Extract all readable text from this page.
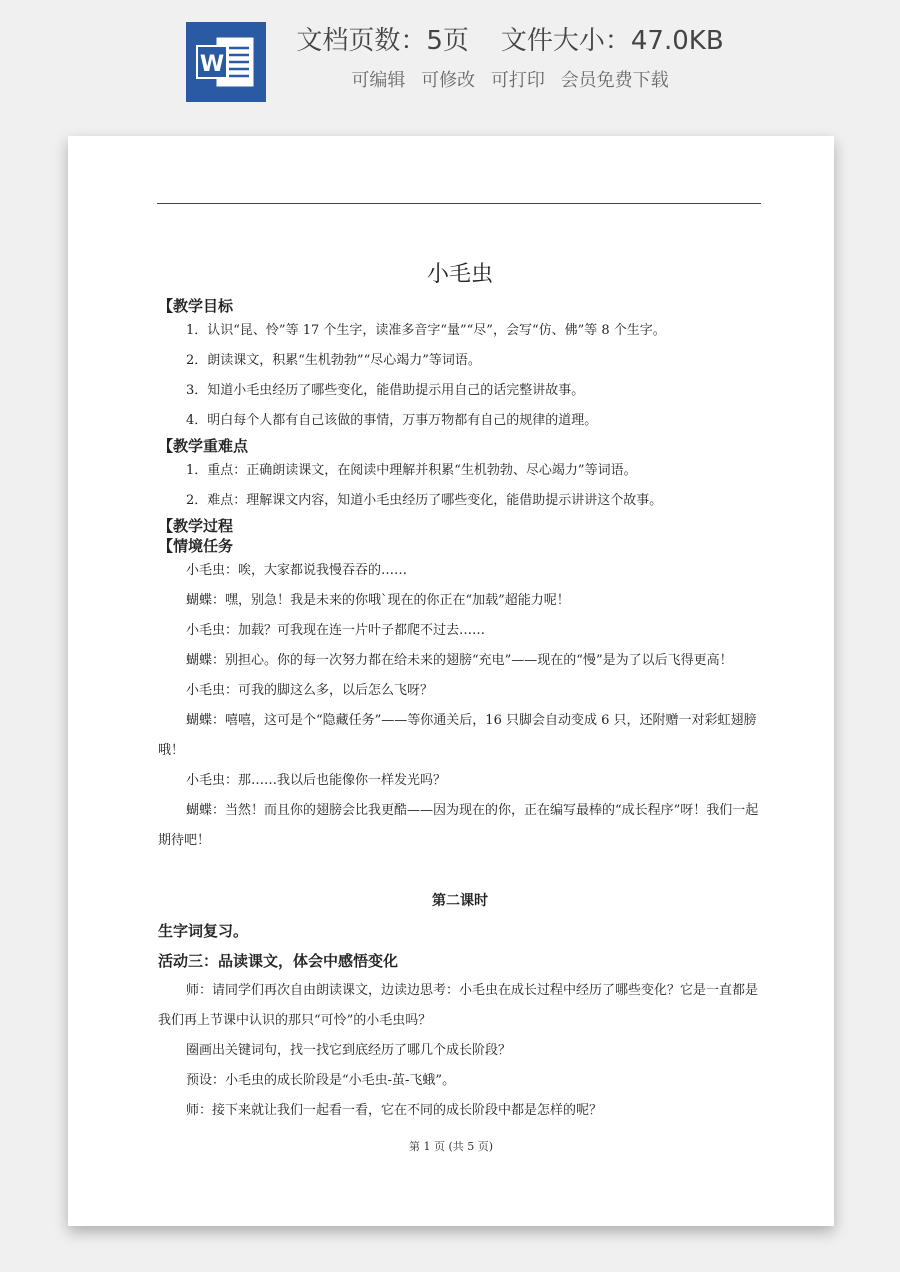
W
文档页数：5页 文件大小：47.0KB
可编辑 可修改 可打印 会员免费下载
小毛虫

【教学目标

1．认识“昆、怜”等 17 个生字，读准多音字“量”“尽”，会写“仿、佛”等 8 个生字。

2．朗读课文，积累“生机勃勃”“尽心竭力”等词语。

3．知道小毛虫经历了哪些变化，能借助提示用自己的话完整讲故事。

4．明白每个人都有自己该做的事情，万事万物都有自己的规律的道理。

【教学重难点

1．重点：正确朗读课文，在阅读中理解并积累“生机勃勃、尽心竭力”等词语。

2．难点：理解课文内容，知道小毛虫经历了哪些变化，能借助提示讲讲这个故事。

【教学过程

【情境任务

小毛虫：唉，大家都说我慢吞吞的……

蝴蝶：嘿，别急！我是未来的你哦`现在的你正在“加载”超能力呢！

小毛虫：加载？可我现在连一片叶子都爬不过去……

蝴蝶：别担心。你的每一次努力都在给未来的翅膀“充电”——现在的“慢”是为了以后飞得更高！

小毛虫：可我的脚这么多，以后怎么飞呀？

蝴蝶：嘻嘻，这可是个“隐藏任务”——等你通关后，16 只脚会自动变成 6 只，还附赠一对彩虹翅膀哦！

小毛虫：那……我以后也能像你一样发光吗？

蝴蝶：当然！而且你的翅膀会比我更酷——因为现在的你，正在编写最棒的“成长程序”呀！我们一起期待吧！

第二课时

生字词复习。

活动三：品读课文，体会中感悟变化

师：请同学们再次自由朗读课文，边读边思考：小毛虫在成长过程中经历了哪些变化？它是一直都是我们再上节课中认识的那只“可怜”的小毛虫吗？

圈画出关键词句，找一找它到底经历了哪几个成长阶段？

预设：小毛虫的成长阶段是“小毛虫-茧-飞蛾”。

师：接下来就让我们一起看一看，它在不同的成长阶段中都是怎样的呢？

第 1 页 (共 5 页)
